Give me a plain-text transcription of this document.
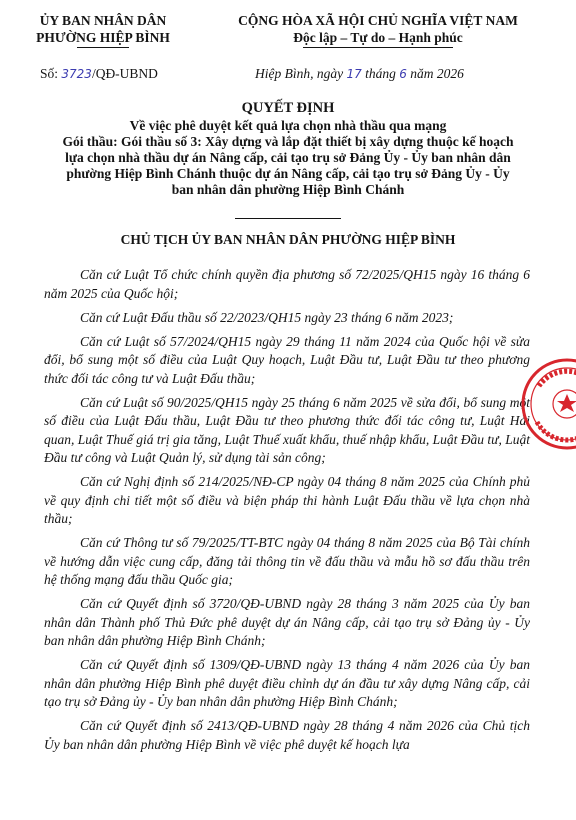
ỦY BAN NHÂN DÂN
PHƯỜNG HIỆP BÌNH
CỘNG HÒA XÃ HỘI CHỦ NGHĨA VIỆT NAM
Độc lập – Tự do – Hạnh phúc
Số: 3723/QĐ-UBND	Hiệp Bình, ngày 17 tháng 6 năm 2026
QUYẾT ĐỊNH
Về việc phê duyệt kết quả lựa chọn nhà thầu qua mạng
Gói thầu: Gói thầu số 3: Xây dựng và lắp đặt thiết bị xây dựng thuộc kế hoạch lựa chọn nhà thầu dự án Nâng cấp, cải tạo trụ sở Đảng Ủy - Ủy ban nhân dân phường Hiệp Bình Chánh thuộc dự án Nâng cấp, cải tạo trụ sở Đảng Ủy - Ủy ban nhân dân phường Hiệp Bình Chánh
CHỦ TỊCH ỦY BAN NHÂN DÂN PHƯỜNG HIỆP BÌNH

Căn cứ Luật Tổ chức chính quyền địa phương số 72/2025/QH15 ngày 16 tháng 6 năm 2025 của Quốc hội;

Căn cứ Luật Đấu thầu số 22/2023/QH15 ngày 23 tháng 6 năm 2023;

Căn cứ Luật số 57/2024/QH15 ngày 29 tháng 11 năm 2024 của Quốc hội về sửa đổi, bổ sung một số điều của Luật Quy hoạch, Luật Đầu tư, Luật Đầu tư theo phương thức đối tác công tư và Luật Đấu thầu;

Căn cứ Luật số 90/2025/QH15 ngày 25 tháng 6 năm 2025 về sửa đổi, bổ sung một số điều của Luật Đấu thầu, Luật Đầu tư theo phương thức đối tác công tư, Luật Hải quan, Luật Thuế giá trị gia tăng, Luật Thuế xuất khẩu, thuế nhập khẩu, Luật Đầu tư, Luật Đầu tư công và Luật Quản lý, sử dụng tài sản công;

Căn cứ Nghị định số 214/2025/NĐ-CP ngày 04 tháng 8 năm 2025 của Chính phủ về quy định chi tiết một số điều và biện pháp thi hành Luật Đấu thầu về lựa chọn nhà thầu;

Căn cứ Thông tư số 79/2025/TT-BTC ngày 04 tháng 8 năm 2025 của Bộ Tài chính về hướng dẫn việc cung cấp, đăng tải thông tin về đấu thầu và mẫu hồ sơ đấu thầu trên hệ thống mạng đấu thầu Quốc gia;

Căn cứ Quyết định số 3720/QĐ-UBND ngày 28 tháng 3 năm 2025 của Ủy ban nhân dân Thành phố Thủ Đức phê duyệt dự án Nâng cấp, cải tạo trụ sở Đảng ủy - Ủy ban nhân dân phường Hiệp Bình Chánh;

Căn cứ Quyết định số 1309/QĐ-UBND ngày 13 tháng 4 năm 2026 của Ủy ban nhân dân phường Hiệp Bình phê duyệt điều chỉnh dự án đầu tư xây dựng Nâng cấp, cải tạo trụ sở Đảng ủy - Ủy ban nhân dân phường Hiệp Bình Chánh;

Căn cứ Quyết định số 2413/QĐ-UBND ngày 28 tháng 4 năm 2026 của Chủ tịch Ủy ban nhân dân phường Hiệp Bình về việc phê duyệt kế hoạch lựa
